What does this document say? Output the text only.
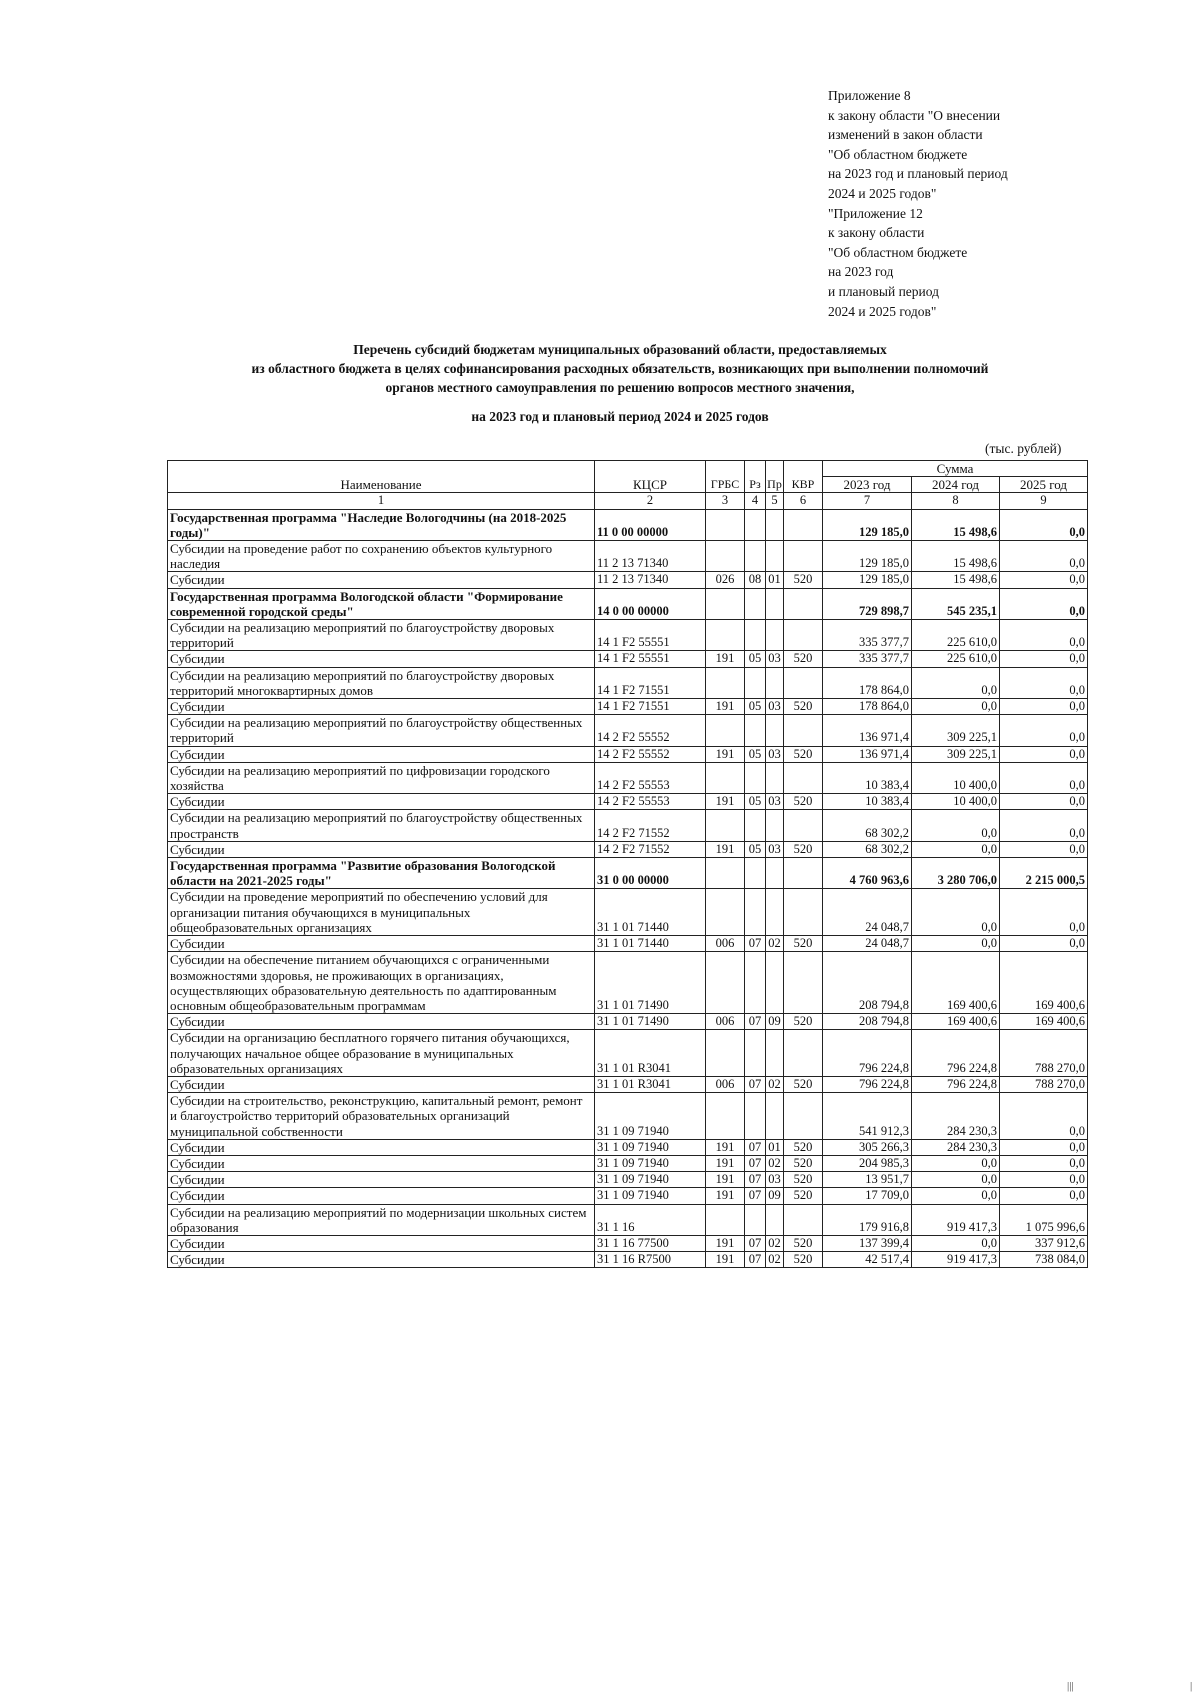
Приложение 8
к закону области "О внесении
изменений в закон области
"Об областном бюджете
на 2023 год и плановый период
2024 и 2025 годов"
"Приложение 12
к закону области
"Об областном бюджете
на 2023 год
и плановый период
2024 и 2025 годов"
Перечень субсидий бюджетам муниципальных образований области, предоставляемых
из областного бюджета в целях софинансирования расходных обязательств, возникающих при выполнении полномочий
органов местного самоуправления по решению вопросов местного значения,
на 2023 год и плановый период 2024 и 2025 годов
(тыс. рублей)
Наименование	КЦСР	ГРБС	Рз	Пр	КВР	Сумма		
						2023 год	2024 год	2025 год
1	2	3	4	5	6	7	8	9
Государственная программа "Наследие Вологодчины (на 2018-2025 годы)"	11 0 00 00000					129 185,0	15 498,6	0,0
Субсидии на проведение работ по сохранению объектов культурного наследия	11 2 13 71340					129 185,0	15 498,6	0,0
Субсидии	11 2 13 71340	026	08	01	520	129 185,0	15 498,6	0,0
Государственная программа Вологодской области "Формирование современной городской среды"	14 0 00 00000					729 898,7	545 235,1	0,0
Субсидии на реализацию мероприятий по благоустройству дворовых территорий	14 1 F2 55551					335 377,7	225 610,0	0,0
Субсидии	14 1 F2 55551	191	05	03	520	335 377,7	225 610,0	0,0
Субсидии на реализацию мероприятий по благоустройству дворовых территорий многоквартирных домов	14 1 F2 71551					178 864,0	0,0	0,0
Субсидии	14 1 F2 71551	191	05	03	520	178 864,0	0,0	0,0
Субсидии на реализацию мероприятий по благоустройству общественных территорий	14 2 F2 55552					136 971,4	309 225,1	0,0
Субсидии	14 2 F2 55552	191	05	03	520	136 971,4	309 225,1	0,0
Субсидии на реализацию мероприятий по цифровизации городского хозяйства	14 2 F2 55553					10 383,4	10 400,0	0,0
Субсидии	14 2 F2 55553	191	05	03	520	10 383,4	10 400,0	0,0
Субсидии на реализацию мероприятий по благоустройству общественных пространств	14 2 F2 71552					68 302,2	0,0	0,0
Субсидии	14 2 F2 71552	191	05	03	520	68 302,2	0,0	0,0
Государственная программа "Развитие образования Вологодской области на 2021-2025 годы"	31 0 00 00000					4 760 963,6	3 280 706,0	2 215 000,5
Субсидии на проведение мероприятий по обеспечению условий для организации питания обучающихся в муниципальных общеобразовательных организациях	31 1 01 71440					24 048,7	0,0	0,0
Субсидии	31 1 01 71440	006	07	02	520	24 048,7	0,0	0,0
Субсидии на обеспечение питанием обучающихся с ограниченными возможностями здоровья, не проживающих в организациях, осуществляющих образовательную деятельность по адаптированным основным общеобразовательным программам	31 1 01 71490					208 794,8	169 400,6	169 400,6
Субсидии	31 1 01 71490	006	07	09	520	208 794,8	169 400,6	169 400,6
Субсидии на организацию бесплатного горячего питания обучающихся, получающих начальное общее образование в муниципальных образовательных организациях	31 1 01 R3041					796 224,8	796 224,8	788 270,0
Субсидии	31 1 01 R3041	006	07	02	520	796 224,8	796 224,8	788 270,0
Субсидии на строительство, реконструкцию, капитальный ремонт, ремонт и благоустройство территорий образовательных организаций муниципальной собственности	31 1 09 71940					541 912,3	284 230,3	0,0
Субсидии	31 1 09 71940	191	07	01	520	305 266,3	284 230,3	0,0
Субсидии	31 1 09 71940	191	07	02	520	204 985,3	0,0	0,0
Субсидии	31 1 09 71940	191	07	03	520	13 951,7	0,0	0,0
Субсидии	31 1 09 71940	191	07	09	520	17 709,0	0,0	0,0
Субсидии на реализацию мероприятий по модернизации школьных систем образования	31 1 16					179 916,8	919 417,3	1 075 996,6
Субсидии	31 1 16 77500	191	07	02	520	137 399,4	0,0	337 912,6
Субсидии	31 1 16 R7500	191	07	02	520	42 517,4	919 417,3	738 084,0
|||	|
